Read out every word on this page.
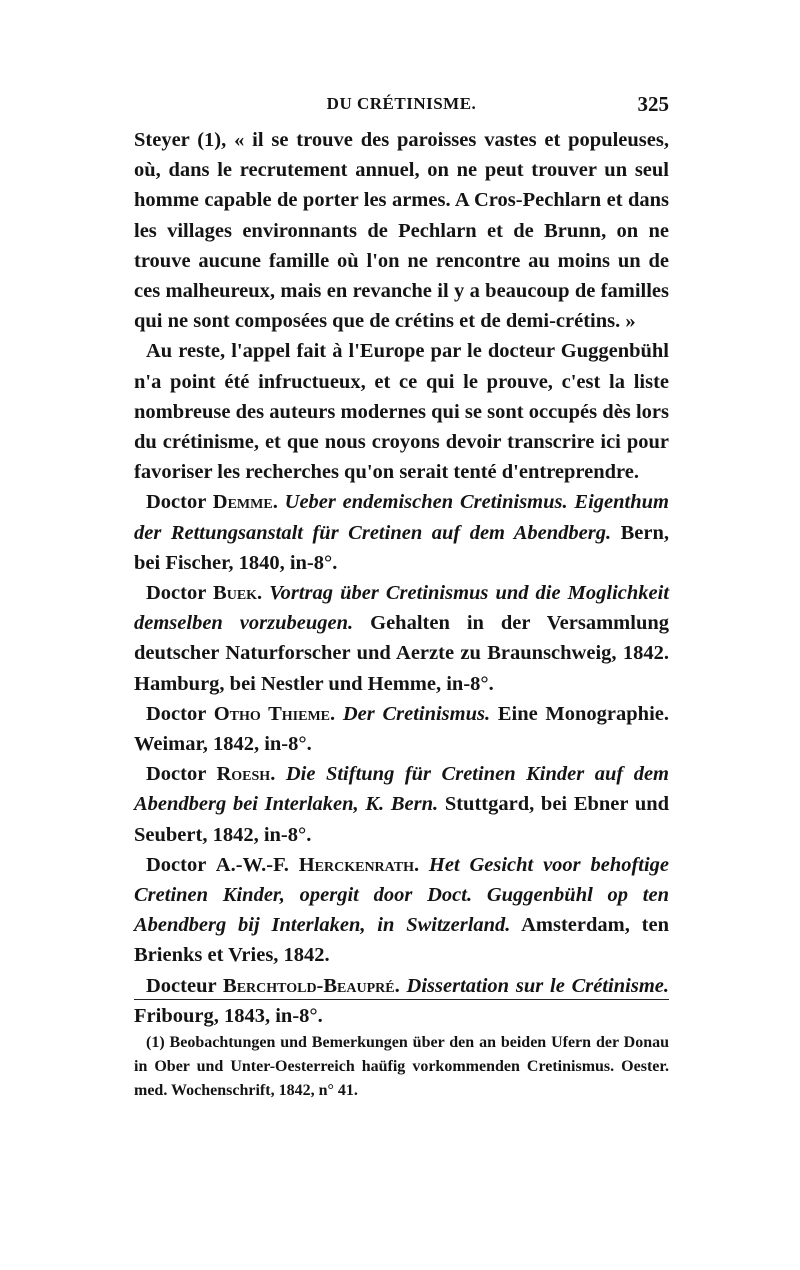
DU CRÉTINISME.	325

Steyer (1), « il se trouve des paroisses vastes et populeuses, où, dans le recrutement annuel, on ne peut trouver un seul homme capable de porter les armes. A Cros-Pechlarn et dans les villages environnants de Pechlarn et de Brunn, on ne trouve aucune famille où l'on ne rencontre au moins un de ces malheureux, mais en revanche il y a beaucoup de familles qui ne sont composées que de crétins et de demi-crétins. »

Au reste, l'appel fait à l'Europe par le docteur Guggenbühl n'a point été infructueux, et ce qui le prouve, c'est la liste nombreuse des auteurs modernes qui se sont occupés dès lors du crétinisme, et que nous croyons devoir transcrire ici pour favoriser les recherches qu'on serait tenté d'entreprendre.

Doctor Demme. Ueber endemischen Cretinismus. Eigenthum der Rettungsanstalt für Cretinen auf dem Abendberg. Bern, bei Fischer, 1840, in-8°.

Doctor Buek. Vortrag über Cretinismus und die Moglichkeit demselben vorzubeugen. Gehalten in der Versammlung deutscher Naturforscher und Aerzte zu Braunschweig, 1842. Hamburg, bei Nestler und Hemme, in-8°.

Doctor Otho Thieme. Der Cretinismus. Eine Monographie. Weimar, 1842, in-8°.

Doctor Roesh. Die Stiftung für Cretinen Kinder auf dem Abendberg bei Interlaken, K. Bern. Stuttgard, bei Ebner und Seubert, 1842, in-8°.

Doctor A.-W.-F. Herckenrath. Het Gesicht voor behoftige Cretinen Kinder, opergit door Doct. Guggenbühl op ten Abendberg bij Interlaken, in Switzerland. Amsterdam, ten Brienks et Vries, 1842.

Docteur Berchtold-Beaupré. Dissertation sur le Crétinisme. Fribourg, 1843, in-8°.

(1) Beobachtungen und Bemerkungen über den an beiden Ufern der Donau in Ober und Unter-Oesterreich haüfig vorkommenden Cretinismus. Oester. med. Wochenschrift, 1842, n° 41.
